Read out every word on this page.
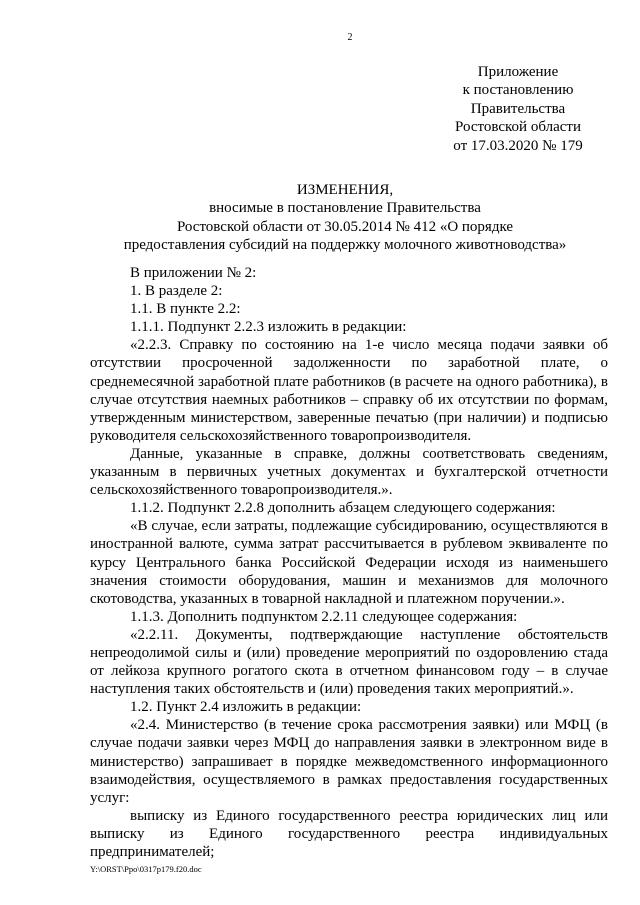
2
Приложение
к постановлению
Правительства
Ростовской области
от 17.03.2020 № 179
ИЗМЕНЕНИЯ,
вносимые в постановление Правительства
Ростовской области от 30.05.2014 № 412 «О порядке
предоставления субсидий на поддержку молочного животноводства»

В приложении № 2:

1. В разделе 2:

1.1. В пункте 2.2:

1.1.1. Подпункт 2.2.3 изложить в редакции:

«2.2.3. Справку по состоянию на 1-е число месяца подачи заявки об отсутствии просроченной задолженности по заработной плате, о среднемесячной заработной плате работников (в расчете на одного работника), в случае отсутствия наемных работников – справку об их отсутствии по формам, утвержденным министерством, заверенные печатью (при наличии) и подписью руководителя сельскохозяйственного товаропроизводителя.

Данные, указанные в справке, должны соответствовать сведениям, указанным в первичных учетных документах и бухгалтерской отчетности сельскохозяйственного товаропроизводителя.».

1.1.2. Подпункт 2.2.8 дополнить абзацем следующего содержания:

«В случае, если затраты, подлежащие субсидированию, осуществляются в иностранной валюте, сумма затрат рассчитывается в рублевом эквиваленте по курсу Центрального банка Российской Федерации исходя из наименьшего значения стоимости оборудования, машин и механизмов для молочного скотоводства, указанных в товарной накладной и платежном поручении.».

1.1.3. Дополнить подпунктом 2.2.11 следующее содержания:

«2.2.11. Документы, подтверждающие наступление обстоятельств непреодолимой силы и (или) проведение мероприятий по оздоровлению стада от лейкоза крупного рогатого скота в отчетном финансовом году – в случае наступления таких обстоятельств и (или) проведения таких мероприятий.».

1.2. Пункт 2.4 изложить в редакции:

«2.4. Министерство (в течение срока рассмотрения заявки) или МФЦ (в случае подачи заявки через МФЦ до направления заявки в электронном виде в министерство) запрашивает в порядке межведомственного информационного взаимодействия, осуществляемого в рамках предоставления государственных услуг:

выписку из Единого государственного реестра юридических лиц или выписку из Единого государственного реестра индивидуальных предпринимателей;

Y:\ORST\Ppo\0317p179.f20.doc
